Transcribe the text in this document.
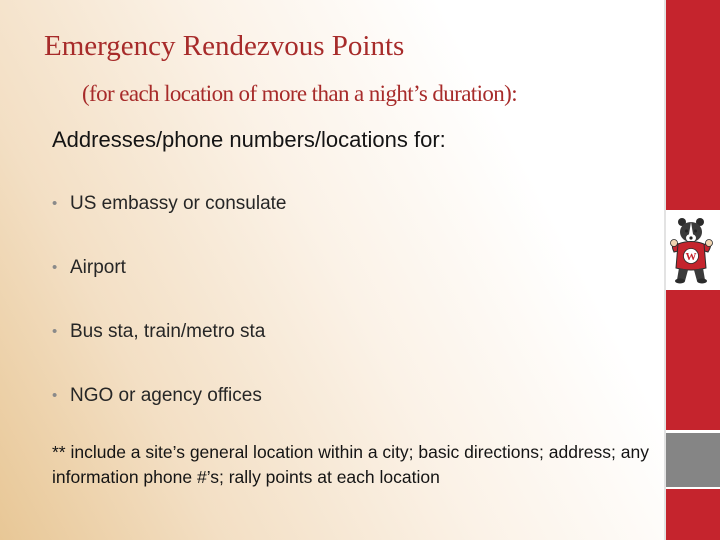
Emergency Rendezvous Points
(for each location of more than a night’s duration):
Addresses/phone numbers/locations for:
• US embassy or consulate
• Airport
• Bus sta, train/metro sta
• NGO or agency offices

** include a site’s general location within a city; basic directions; address; any information phone #’s; rally points at each location

W
